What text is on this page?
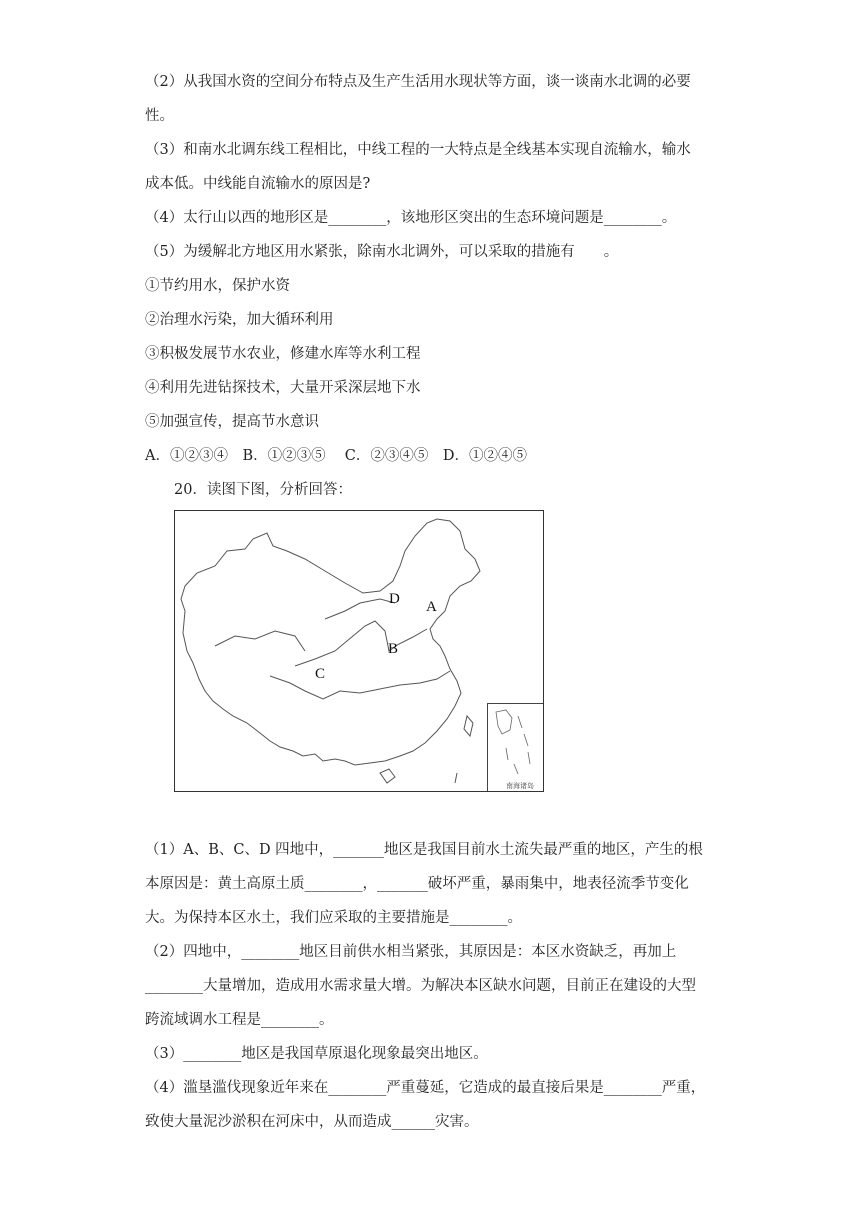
（2）从我国水资的空间分布特点及生产生活用水现状等方面，谈一谈南水北调的必要
性。
（3）和南水北调东线工程相比，中线工程的一大特点是全线基本实现自流输水，输水
成本低。中线能自流输水的原因是?
（4）太行山以西的地形区是________，该地形区突出的生态环境问题是________。
（5）为缓解北方地区用水紧张，除南水北调外，可以采取的措施有　　。
①节约用水，保护水资
②治理水污染，加大循环利用
③积极发展节水农业，修建水库等水利工程
④利用先进钻探技术，大量开采深层地下水
⑤加强宣传，提高节水意识
A．①②③④　B．①②③⑤　 C．②③④⑤　D．①②④⑤
20．读图下图，分析回答：
南海诸岛
D A
B
C
（1）A、B、C、D 四地中，_______地区是我国目前水土流失最严重的地区，产生的根
本原因是：黄土高原土质________，_______破坏严重，暴雨集中，地表径流季节变化
大。为保持本区水土，我们应采取的主要措施是________。
（2）四地中，________地区目前供水相当紧张，其原因是：本区水资缺乏，再加上
________大量增加，造成用水需求量大增。为解决本区缺水问题，目前正在建设的大型
跨流域调水工程是________。
（3）________地区是我国草原退化现象最突出地区。
（4）滥垦滥伐现象近年来在________严重蔓延，它造成的最直接后果是________严重，
致使大量泥沙淤积在河床中，从而造成______灾害。
